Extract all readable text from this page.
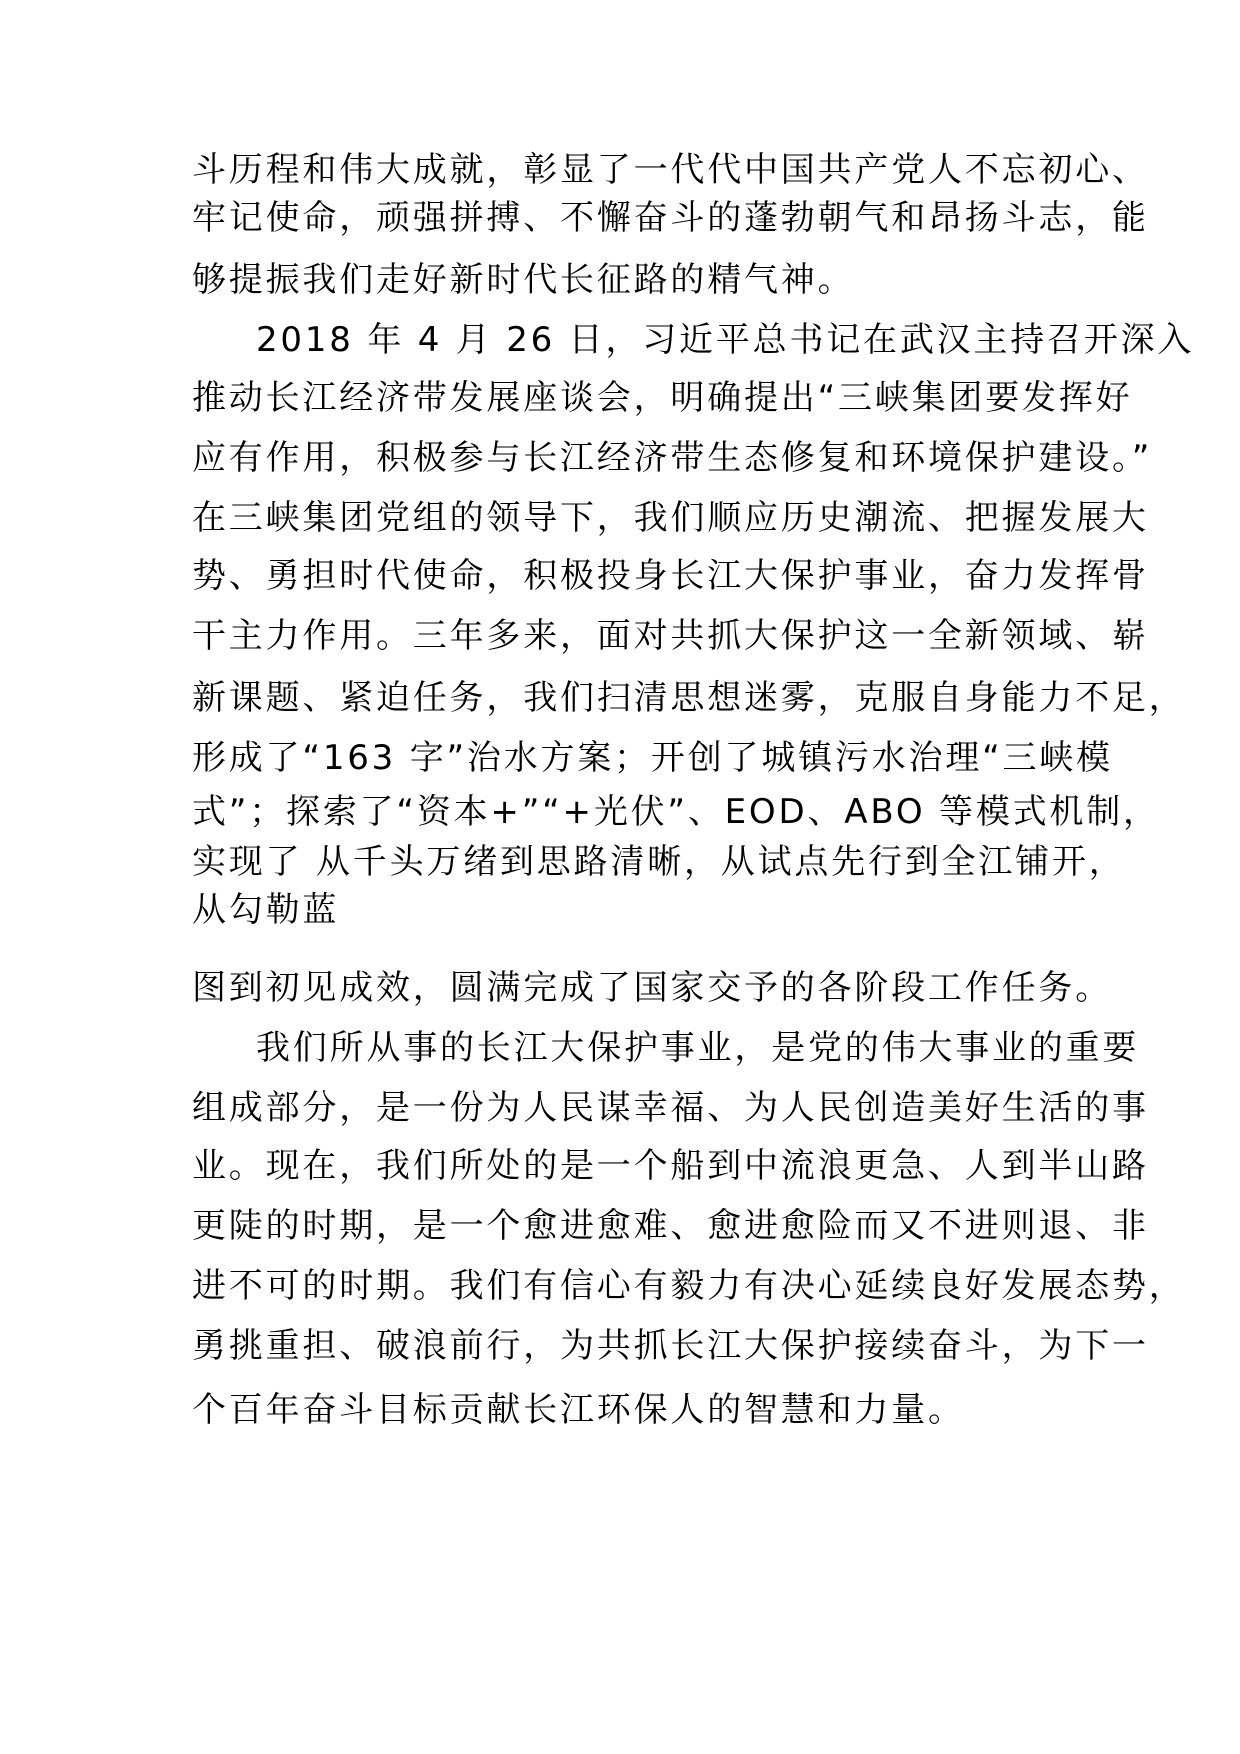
斗历程和伟大成就，彰显了一代代中国共产党人不忘初心、

牢记使命，顽强拼搏、不懈奋斗的蓬勃朝气和昂扬斗志，能

够提振我们走好新时代长征路的精气神。

2018 年 4 月 26 日，习近平总书记在武汉主持召开深入

推动长江经济带发展座谈会，明确提出“三峡集团要发挥好

应有作用，积极参与长江经济带生态修复和环境保护建设。”

在三峡集团党组的领导下，我们顺应历史潮流、把握发展大

势、勇担时代使命，积极投身长江大保护事业，奋力发挥骨

干主力作用。三年多来，面对共抓大保护这一全新领域、崭

新课题、紧迫任务，我们扫清思想迷雾，克服自身能力不足，

形成了“163 字”治水方案；开创了城镇污水治理“三峡模

式”；探索了“资本+”“+光伏”、EOD、ABO 等模式机制，

实现了 从千头万绪到思路清晰，从试点先行到全江铺开，

从勾勒蓝

图到初见成效，圆满完成了国家交予的各阶段工作任务。

我们所从事的长江大保护事业，是党的伟大事业的重要

组成部分，是一份为人民谋幸福、为人民创造美好生活的事

业。现在，我们所处的是一个船到中流浪更急、人到半山路

更陡的时期，是一个愈进愈难、愈进愈险而又不进则退、非

进不可的时期。我们有信心有毅力有决心延续良好发展态势，

勇挑重担、破浪前行，为共抓长江大保护接续奋斗，为下一

个百年奋斗目标贡献长江环保人的智慧和力量。
